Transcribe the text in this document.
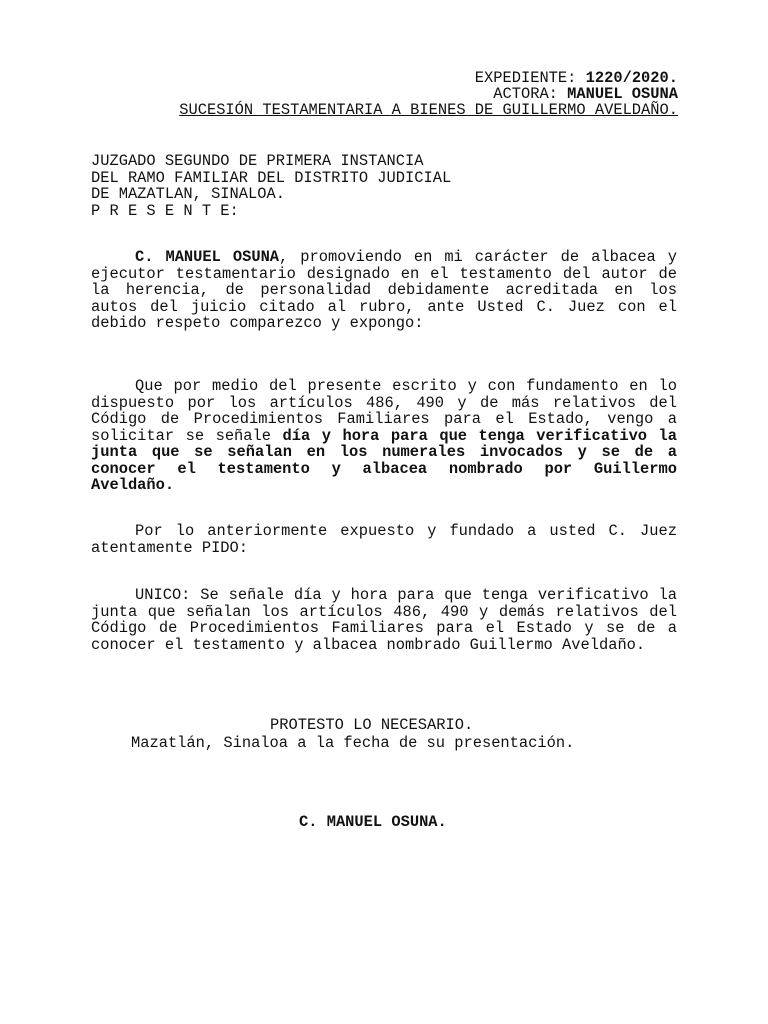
EXPEDIENTE: 1220/2020.
ACTORA: MANUEL OSUNA
SUCESIÓN TESTAMENTARIA A BIENES DE GUILLERMO AVELDAÑO.
JUZGADO SEGUNDO DE PRIMERA INSTANCIA
DEL RAMO FAMILIAR DEL DISTRITO JUDICIAL
DE MAZATLAN, SINALOA.
P R E S E N T E:
C. MANUEL OSUNA, promoviendo en mi carácter de albacea y ejecutor testamentario designado en el testamento del autor de la herencia, de personalidad debidamente acreditada en los autos del juicio citado al rubro, ante Usted C. Juez con el debido respeto comparezco y expongo:
Que por medio del presente escrito y con fundamento en lo dispuesto por los artículos 486, 490 y de más relativos del Código de Procedimientos Familiares para el Estado, vengo a solicitar se señale día y hora para que tenga verificativo la junta que se señalan en los numerales invocados y se de a conocer el testamento y albacea nombrado por Guillermo Aveldaño.
Por lo anteriormente expuesto y fundado a usted C. Juez atentamente PIDO:
UNICO: Se señale día y hora para que tenga verificativo la junta que señalan los artículos 486, 490 y demás relativos del Código de Procedimientos Familiares para el Estado y se de a conocer el testamento y albacea nombrado Guillermo Aveldaño.
PROTESTO LO NECESARIO.
Mazatlán, Sinaloa a la fecha de su presentación.
C. MANUEL OSUNA.
